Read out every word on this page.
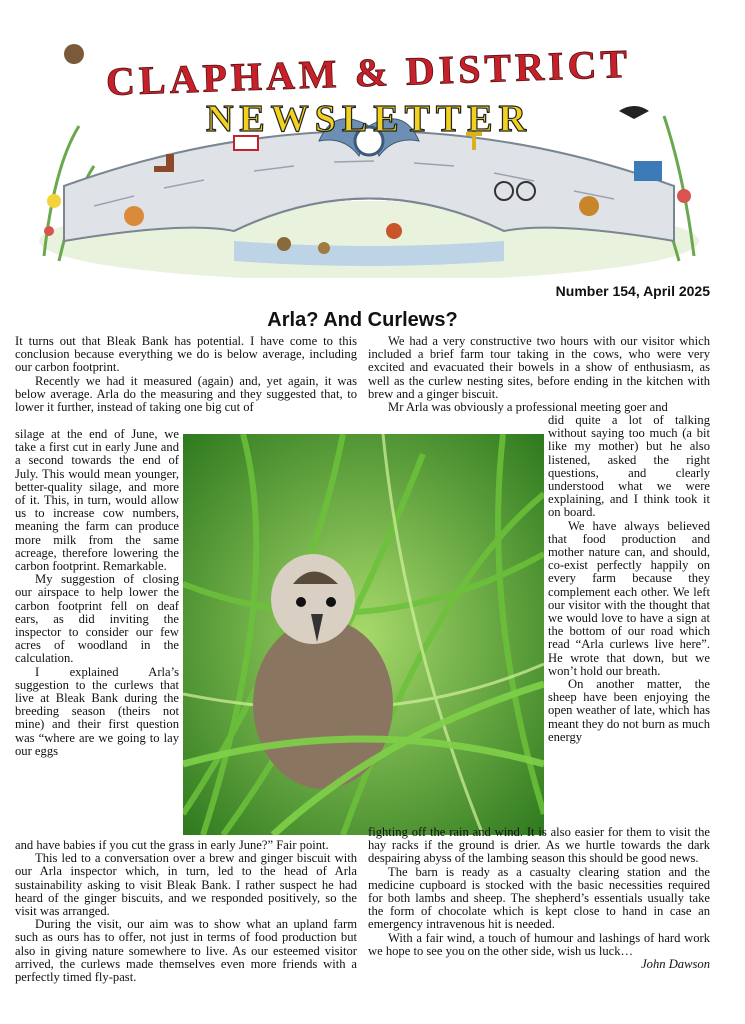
CLAPHAM & DISTRICT
NEWSLETTER
Number 154, April 2025
Arla? And Curlews?

It turns out that Bleak Bank has potential. I have come to this conclusion because everything we do is below average, including our carbon footprint.

Recently we had it measured (again) and, yet again, it was below average. Arla do the measuring and they suggested that, to lower it further, instead of taking one big cut of

silage at the end of June, we take a first cut in early June and a second towards the end of July. This would mean younger, better-quality silage, and more of it. This, in turn, would allow us to increase cow numbers, meaning the farm can produce more milk from the same acreage, therefore lowering the carbon footprint. Remarkable.

My suggestion of closing our airspace to help lower the carbon footprint fell on deaf ears, as did inviting the inspector to consider our few acres of woodland in the calculation.

I explained Arla’s suggestion to the curlews that live at Bleak Bank during the breeding season (theirs not mine) and their first question was “where are we going to lay our eggs

and have babies if you cut the grass in early June?” Fair point.

This led to a conversation over a brew and ginger biscuit with our Arla inspector which, in turn, led to the head of Arla sustainability asking to visit Bleak Bank. I rather suspect he had heard of the ginger biscuits, and we responded positively, so the visit was arranged.

During the visit, our aim was to show what an upland farm such as ours has to offer, not just in terms of food production but also in giving nature somewhere to live. As our esteemed visitor arrived, the curlews made themselves even more friends with a perfectly timed fly-past.

We had a very constructive two hours with our visitor which included a brief farm tour taking in the cows, who were very excited and evacuated their bowels in a show of enthusiasm, as well as the curlew nesting sites, before ending in the kitchen with brew and a ginger biscuit.

Mr Arla was obviously a professional meeting goer and

did quite a lot of talking without saying too much (a bit like my mother) but he also listened, asked the right questions, and clearly understood what we were explaining, and I think took it on board.

We have always believed that food production and mother nature can, and should, co-exist perfectly happily on every farm because they complement each other. We left our visitor with the thought that we would love to have a sign at the bottom of our road which read “Arla curlews live here”. He wrote that down, but we won’t hold our breath.

On another matter, the sheep have been enjoying the open weather of late, which has meant they do not burn as much energy

fighting off the rain and wind. It is also easier for them to visit the hay racks if the ground is drier. As we hurtle towards the dark despairing abyss of the lambing season this should be good news.

The barn is ready as a casualty clearing station and the medicine cupboard is stocked with the basic necessities required for both lambs and sheep. The shepherd’s essentials usually take the form of chocolate which is kept close to hand in case an emergency intravenous hit is needed.

With a fair wind, a touch of humour and lashings of hard work we hope to see you on the other side, wish us luck…
John Dawson
